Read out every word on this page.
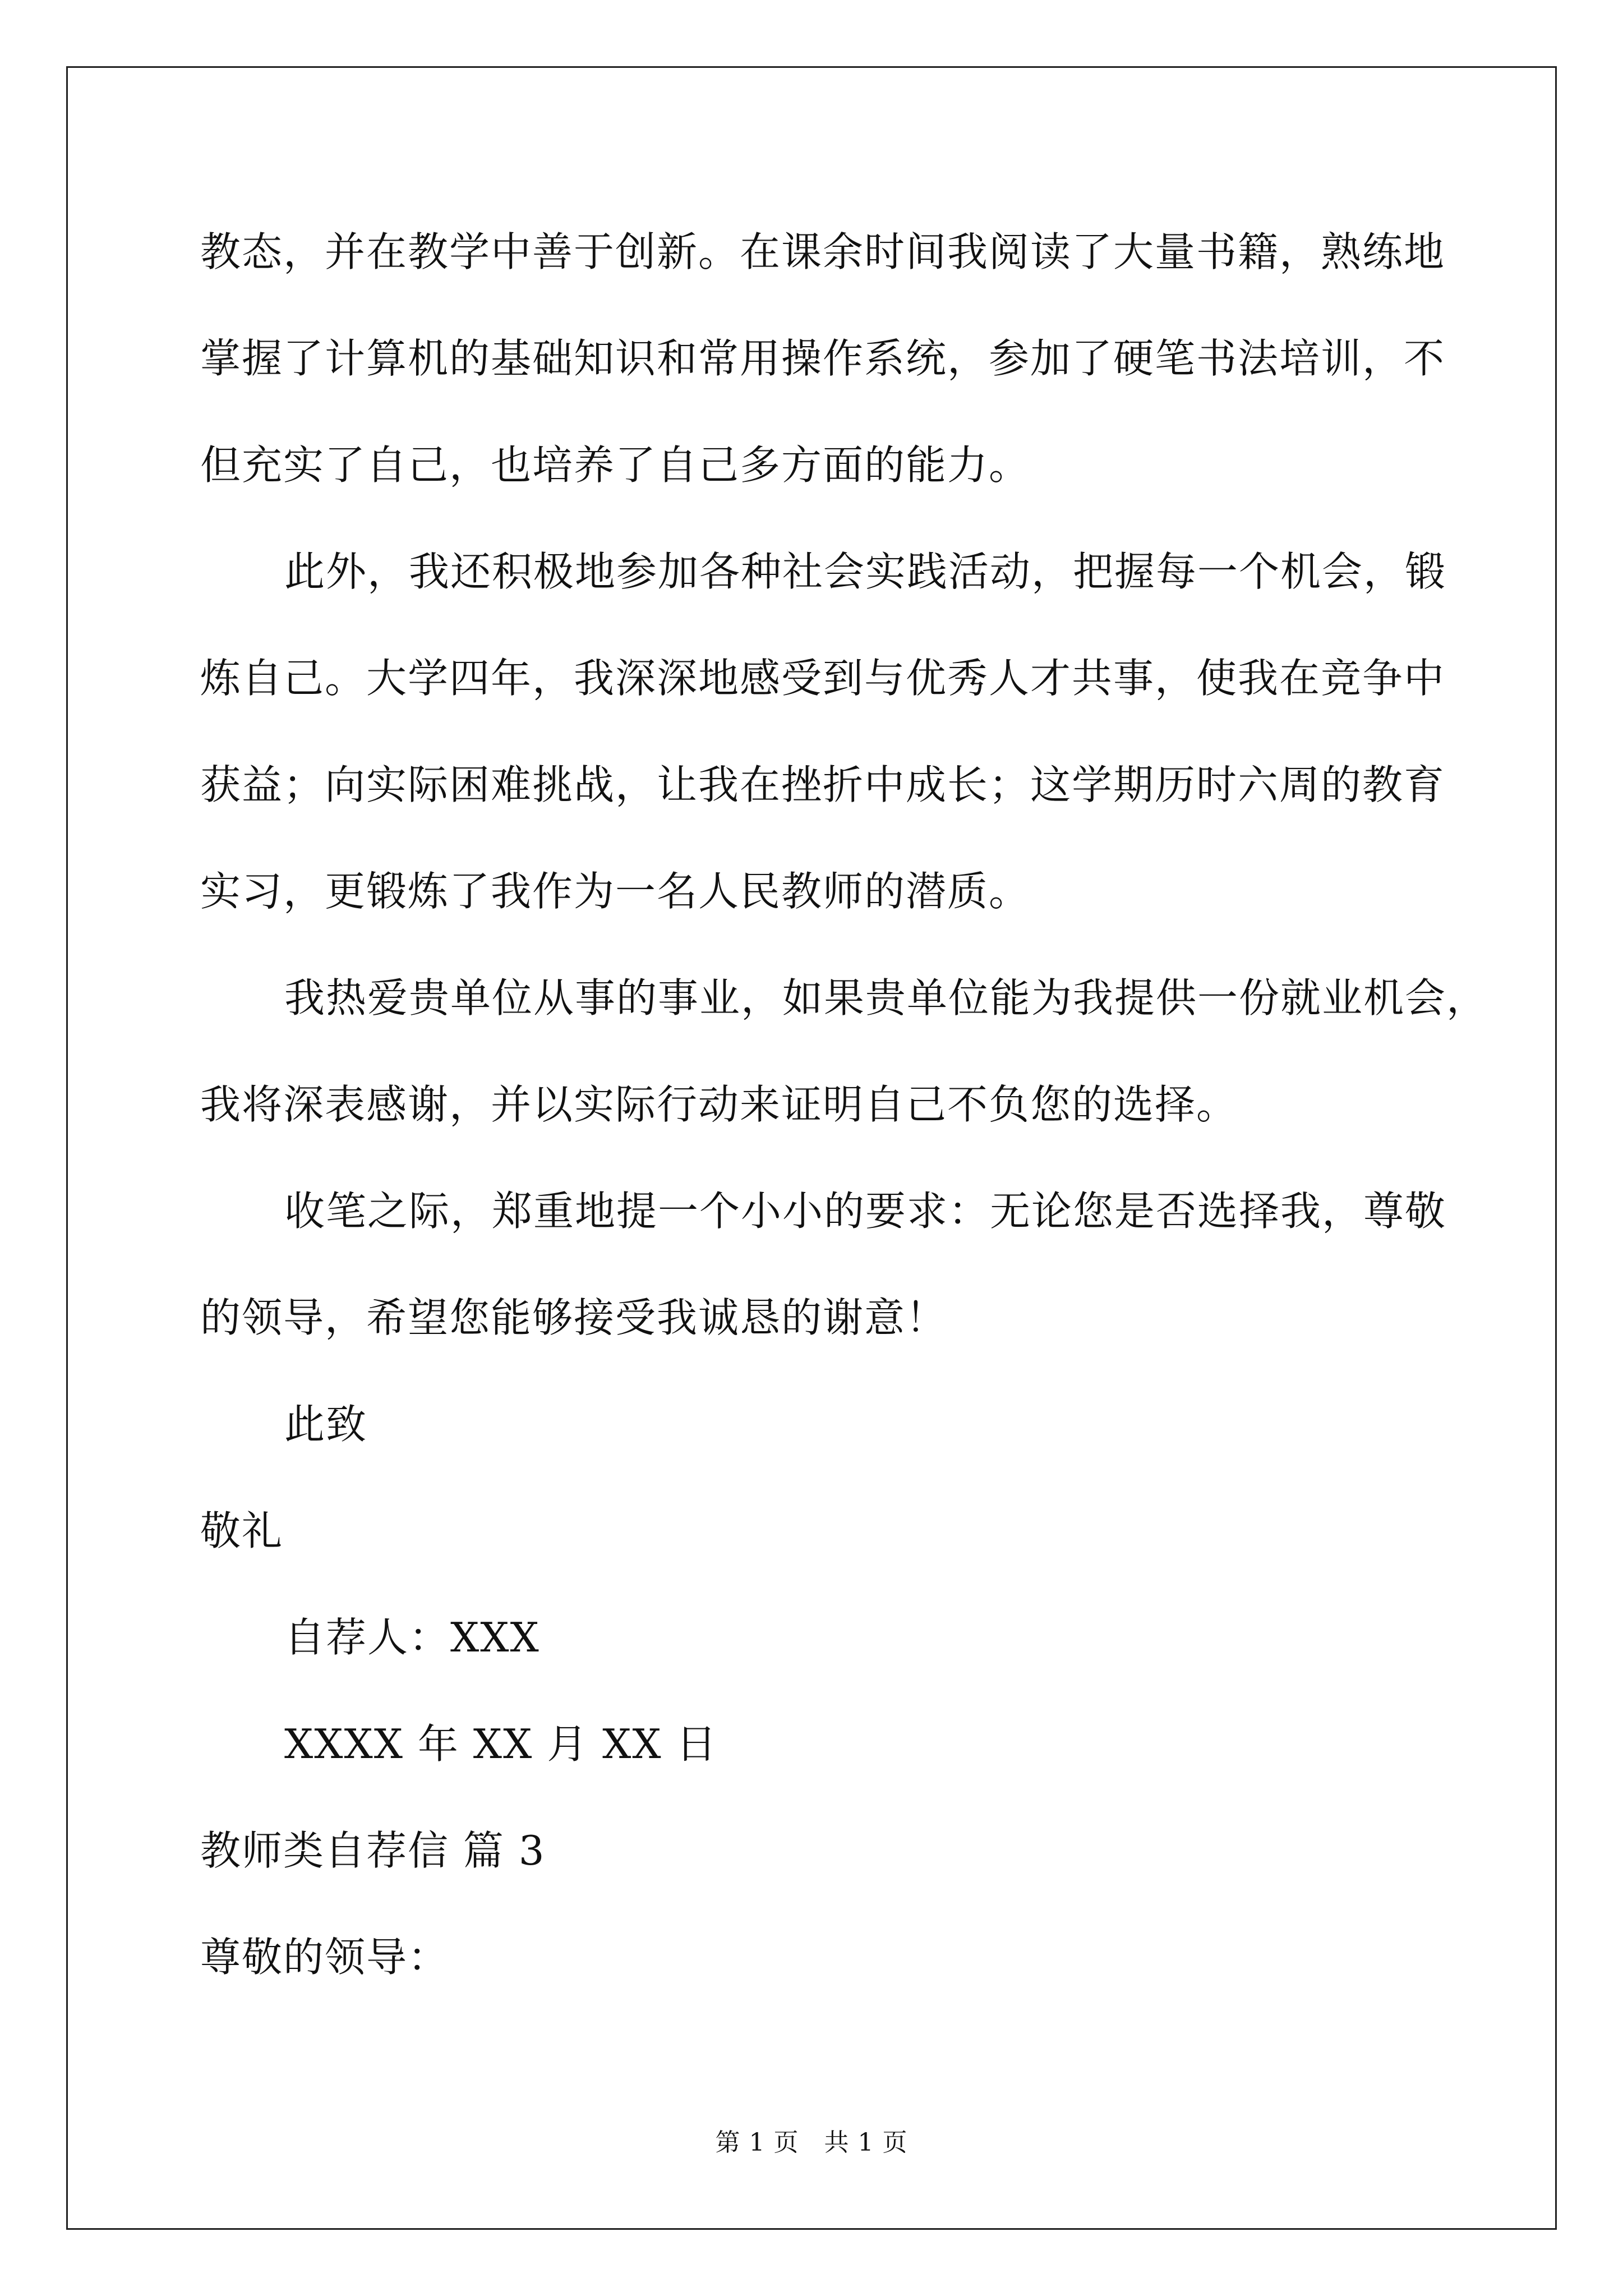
教态，并在教学中善于创新。在课余时间我阅读了大量书籍，熟练地
掌握了计算机的基础知识和常用操作系统，参加了硬笔书法培训，不
但充实了自己，也培养了自己多方面的能力。
此外，我还积极地参加各种社会实践活动，把握每一个机会，锻
炼自己。大学四年，我深深地感受到与优秀人才共事，使我在竞争中
获益；向实际困难挑战，让我在挫折中成长；这学期历时六周的教育
实习，更锻炼了我作为一名人民教师的潜质。
我热爱贵单位从事的事业，如果贵单位能为我提供一份就业机会，
我将深表感谢，并以实际行动来证明自己不负您的选择。
收笔之际，郑重地提一个小小的要求：无论您是否选择我，尊敬
的领导，希望您能够接受我诚恳的谢意！
此致
敬礼
自荐人：XXX
XXXX 年 XX 月 XX 日
教师类自荐信 篇 3
尊敬的领导：
第 1 页　共 1 页
